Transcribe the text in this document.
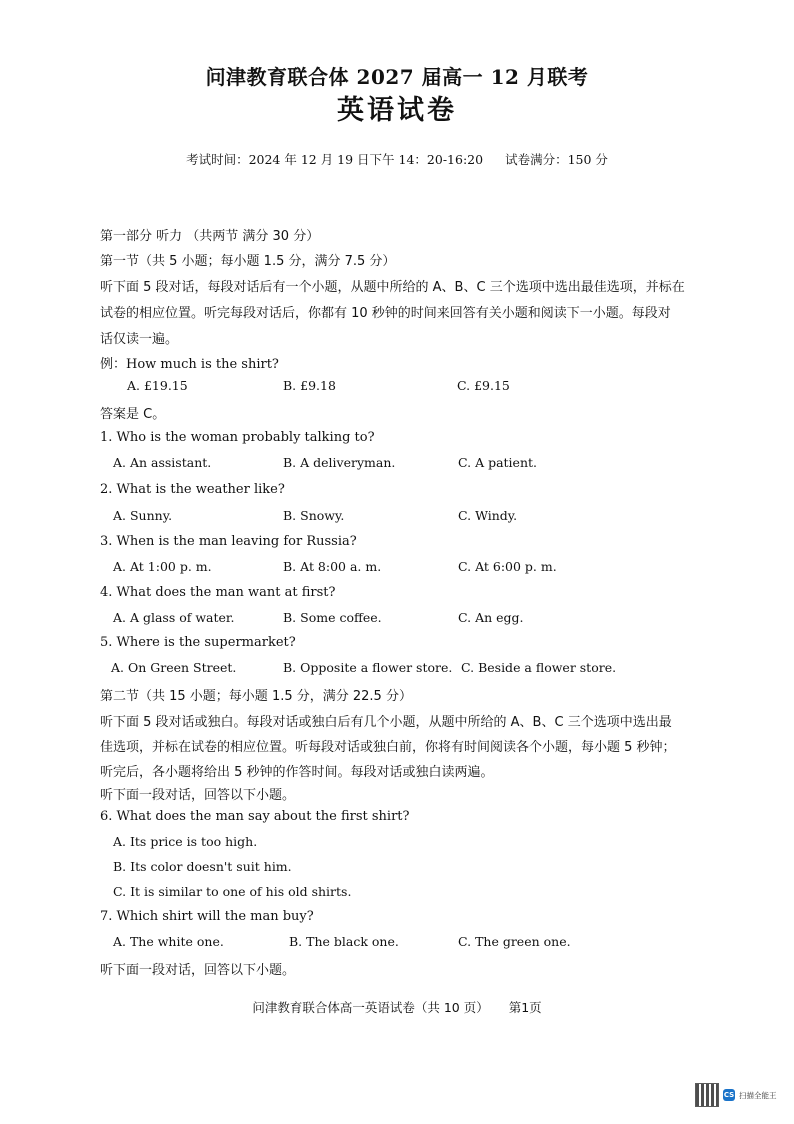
问津教育联合体 2027 届高一 12 月联考
英语试卷
考试时间：2024 年 12 月 19 日下午 14：20-16:20 试卷满分：150 分
第一部分 听力 （共两节 满分 30 分）
第一节（共 5 小题；每小题 1.5 分，满分 7.5 分）
听下面 5 段对话，每段对话后有一个小题，从题中所给的 A、B、C 三个选项中选出最佳选项，并标在
试卷的相应位置。听完每段对话后，你都有 10 秒钟的时间来回答有关小题和阅读下一小题。每段对
话仅读一遍。
例：How much is the shirt?
A. £19.15	B. £9.18	C. £9.15
答案是 C。
1. Who is the woman probably talking to?
A. An assistant.	B. A deliveryman.	C. A patient.
2. What is the weather like?
A. Sunny.	B. Snowy.	C. Windy.
3. When is the man leaving for Russia?
A. At 1:00 p. m.	B. At 8:00 a. m.	C. At 6:00 p. m.
4. What does the man want at first?
A. A glass of water.	B. Some coffee.	C. An egg.
5. Where is the supermarket?
A. On Green Street.	B. Opposite a flower store. C. Beside a flower store.
第二节（共 15 小题；每小题 1.5 分，满分 22.5 分）
听下面 5 段对话或独白。每段对话或独白后有几个小题，从题中所给的 A、B、C 三个选项中选出最
佳选项，并标在试卷的相应位置。听每段对话或独白前，你将有时间阅读各个小题，每小题 5 秒钟；
听完后，各小题将给出 5 秒钟的作答时间。每段对话或独白读两遍。
听下面一段对话，回答以下小题。
6. What does the man say about the first shirt?
A. Its price is too high.
B. Its color doesn't suit him.
C. It is similar to one of his old shirts.
7. Which shirt will the man buy?
A. The white one.	B. The black one.	C. The green one.
听下面一段对话，回答以下小题。
问津教育联合体高一英语试卷（共 10 页） 第1页
CS 扫描全能王
